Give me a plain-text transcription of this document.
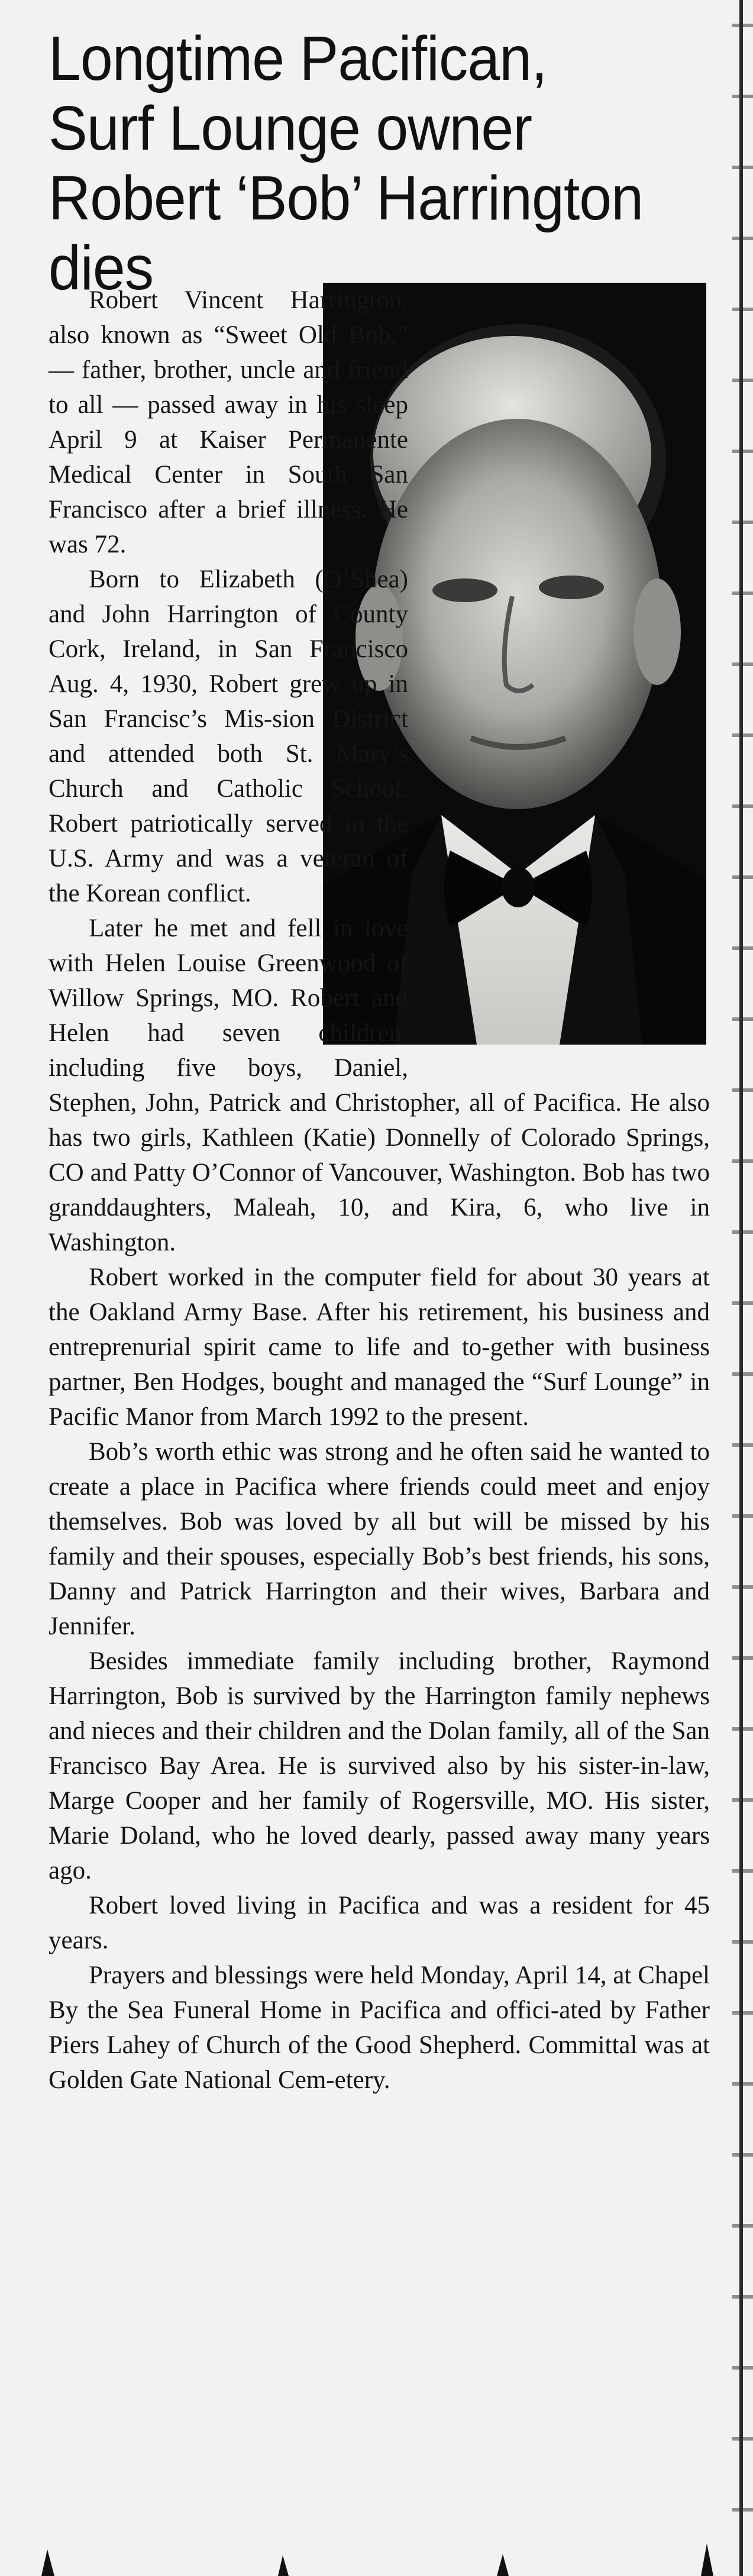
Longtime Pacifican, Surf Lounge owner Robert ‘Bob’ Harrington dies

Robert Vincent Harrington, also known as “Sweet Old Bob,” — father, brother, uncle and friend to all — passed away in his sleep April 9 at Kaiser Permanente Medical Center in South San Francisco after a brief illness. He was 72.

Born to Elizabeth (O’Shea) and John Harrington of County Cork, Ireland, in San Francisco Aug. 4, 1930, Robert grew up in San Francisc’s Mis-sion District and attended both St. Mary’s Church and Catholic School. Robert patriotically served in the U.S. Army and was a veteran of the Korean conflict.

Later he met and fell in love with Helen Louise Greenwood of Willow Springs, MO. Robert and Helen had seven children, including five boys, Daniel, Stephen, John, Patrick and Christopher, all of Pacifica. He also has two girls, Kathleen (Katie) Donnelly of Colorado Springs, CO and Patty O’Connor of Vancouver, Washington. Bob has two granddaughters, Maleah, 10, and Kira, 6, who live in Washington.

Robert worked in the computer field for about 30 years at the Oakland Army Base. After his retirement, his business and entreprenurial spirit came to life and to-gether with business partner, Ben Hodges, bought and managed the “Surf Lounge” in Pacific Manor from March 1992 to the present.

Bob’s worth ethic was strong and he often said he wanted to create a place in Pacifica where friends could meet and enjoy themselves. Bob was loved by all but will be missed by his family and their spouses, especially Bob’s best friends, his sons, Danny and Patrick Harrington and their wives, Barbara and Jennifer.

Besides immediate family including brother, Raymond Harrington, Bob is survived by the Harrington family nephews and nieces and their children and the Dolan family, all of the San Francisco Bay Area. He is survived also by his sister-in-law, Marge Cooper and her family of Rogersville, MO. His sister, Marie Doland, who he loved dearly, passed away many years ago.

Robert loved living in Pacifica and was a resident for 45 years.

Prayers and blessings were held Monday, April 14, at Chapel By the Sea Funeral Home in Pacifica and offici-ated by Father Piers Lahey of Church of the Good Shepherd. Committal was at Golden Gate National Cem-etery.
